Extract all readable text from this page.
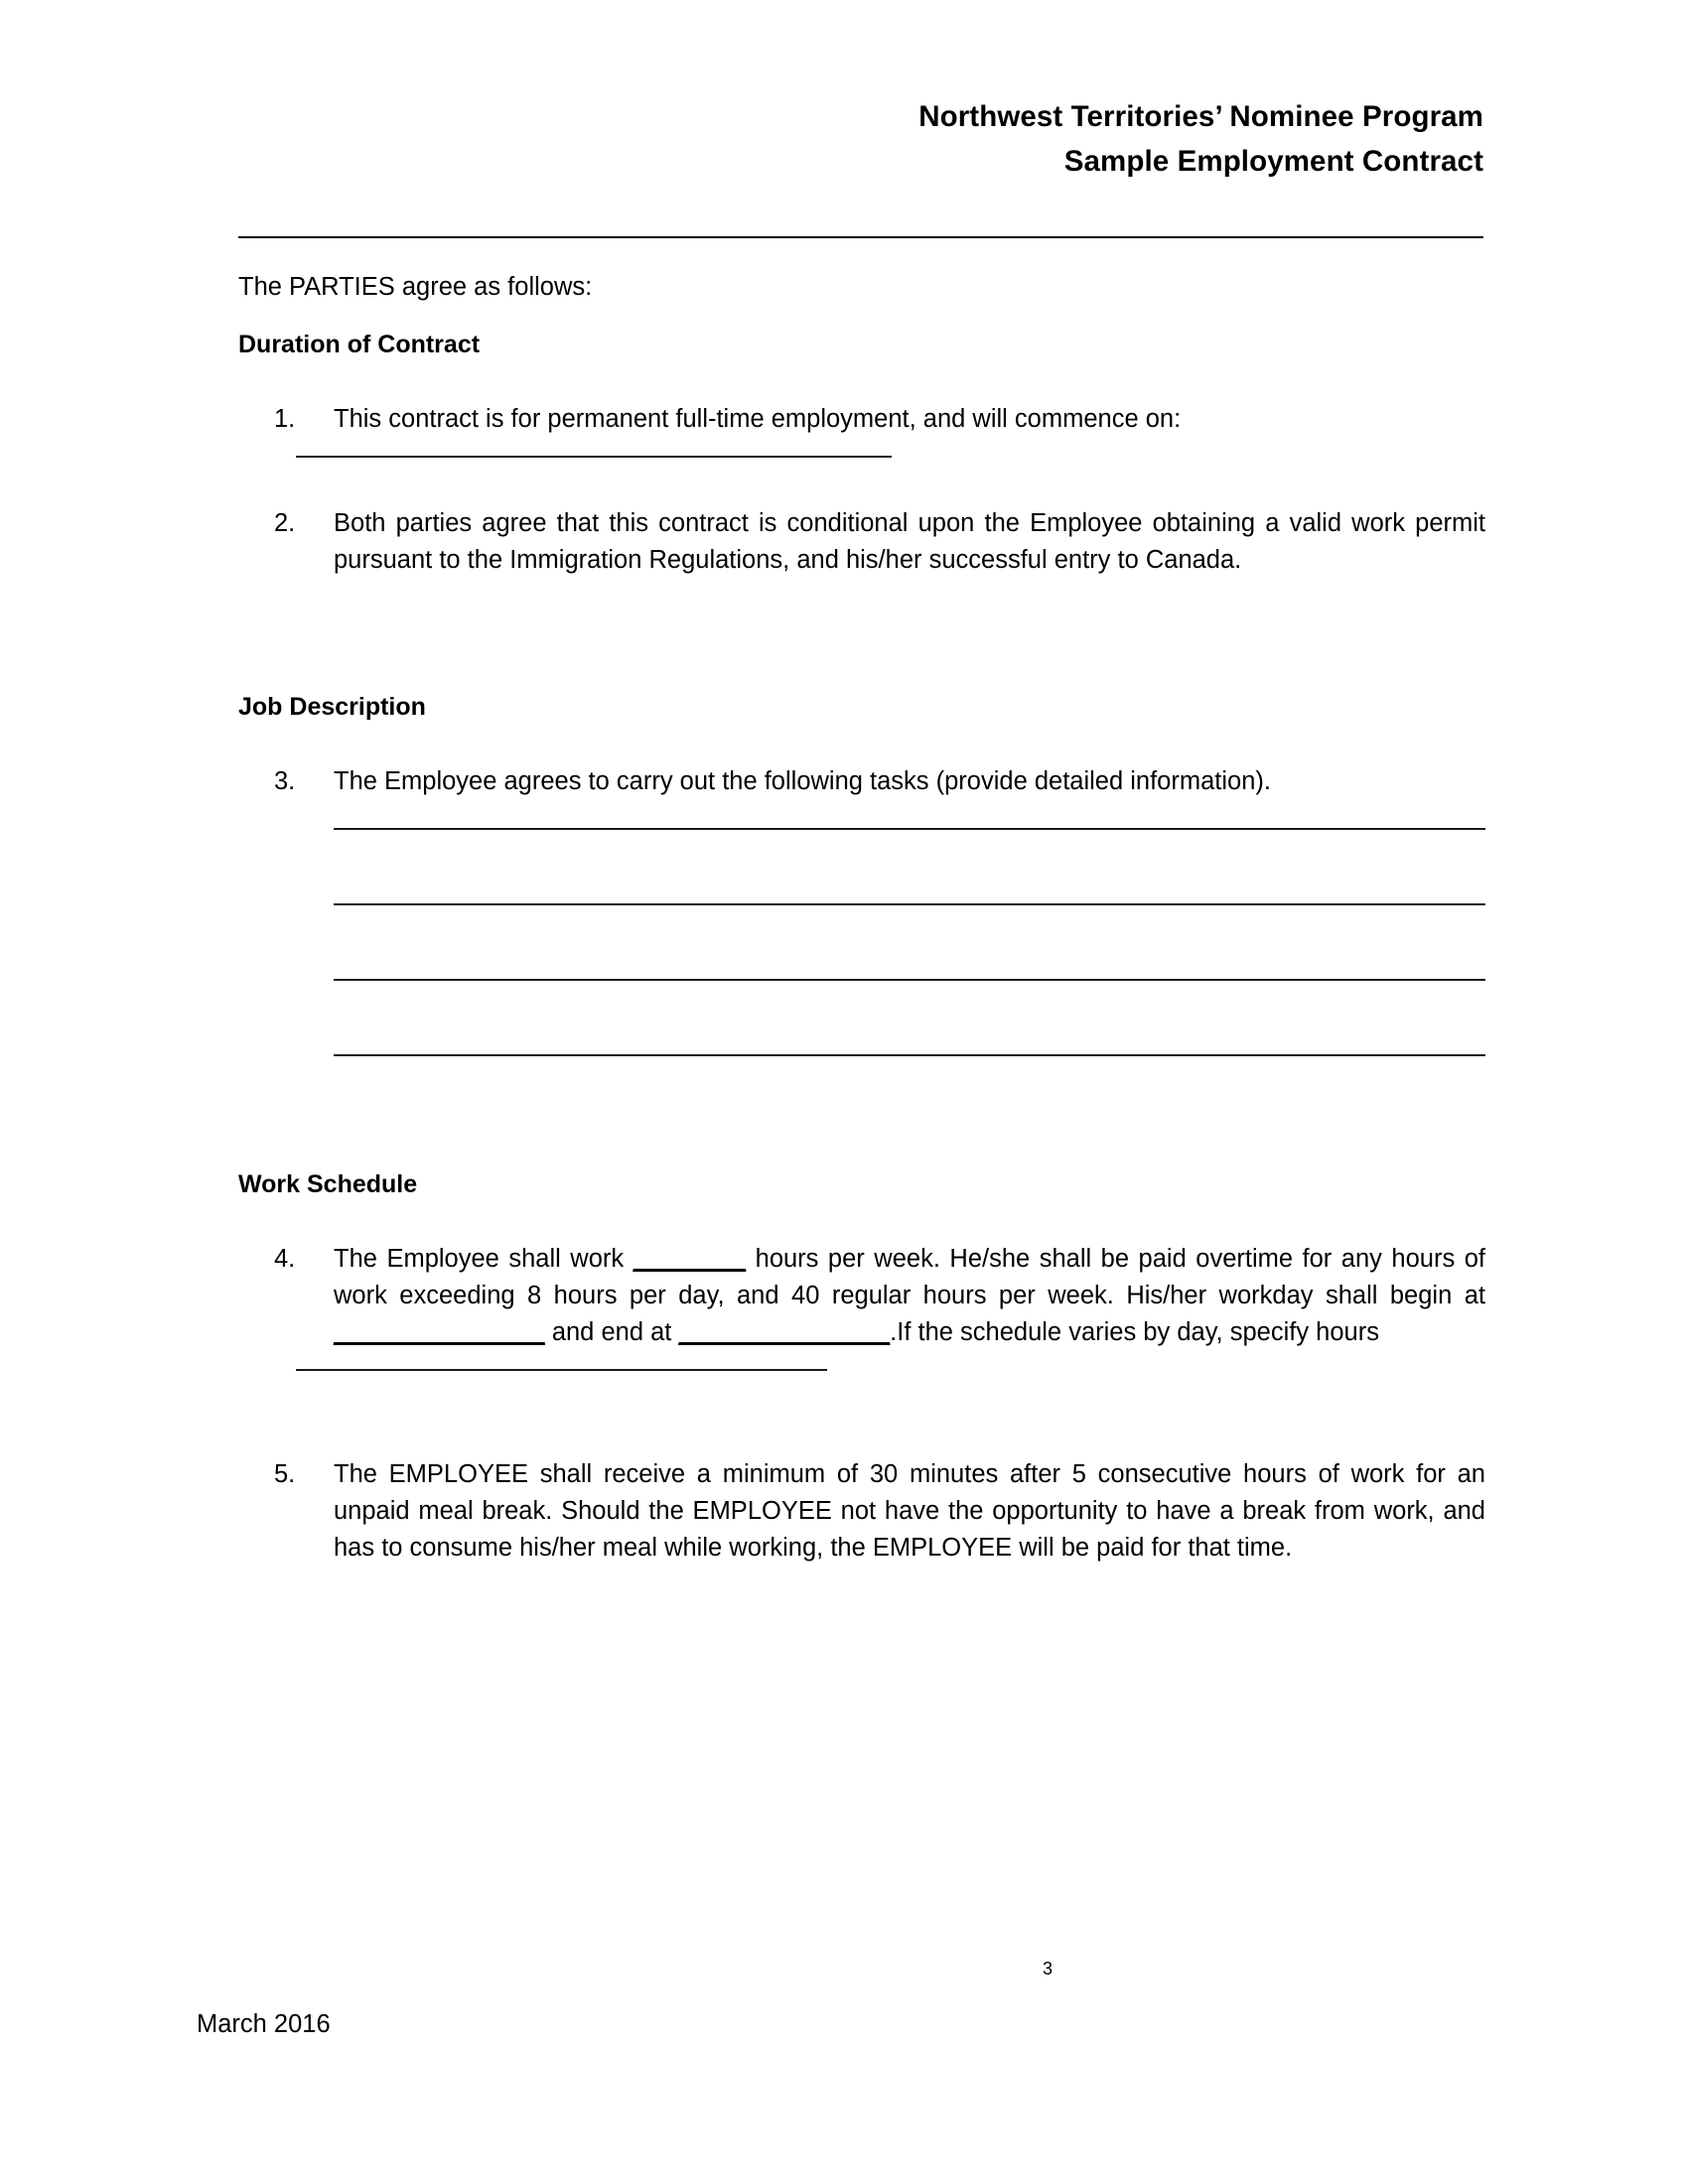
Northwest Territories’ Nominee Program
Sample Employment Contract

The PARTIES agree as follows:

Duration of Contract
1.	This contract is for permanent full-time employment, and will commence on:
2.	Both parties agree that this contract is conditional upon the Employee obtaining a valid work permit pursuant to the Immigration Regulations, and his/her successful entry to Canada.
Job Description
3.	The Employee agrees to carry out the following tasks (provide detailed information).
Work Schedule
4.	The Employee shall work ________ hours per week. He/she shall be paid overtime for any hours of work exceeding 8 hours per day, and 40 regular hours per week. His/her workday shall begin at _______________ and end at _______________.If the schedule varies by day, specify hours
5.	The EMPLOYEE shall receive a minimum of 30 minutes after 5 consecutive hours of work for an unpaid meal break. Should the EMPLOYEE not have the opportunity to have a break from work, and has to consume his/her meal while working, the EMPLOYEE will be paid for that time.
3
March 2016
